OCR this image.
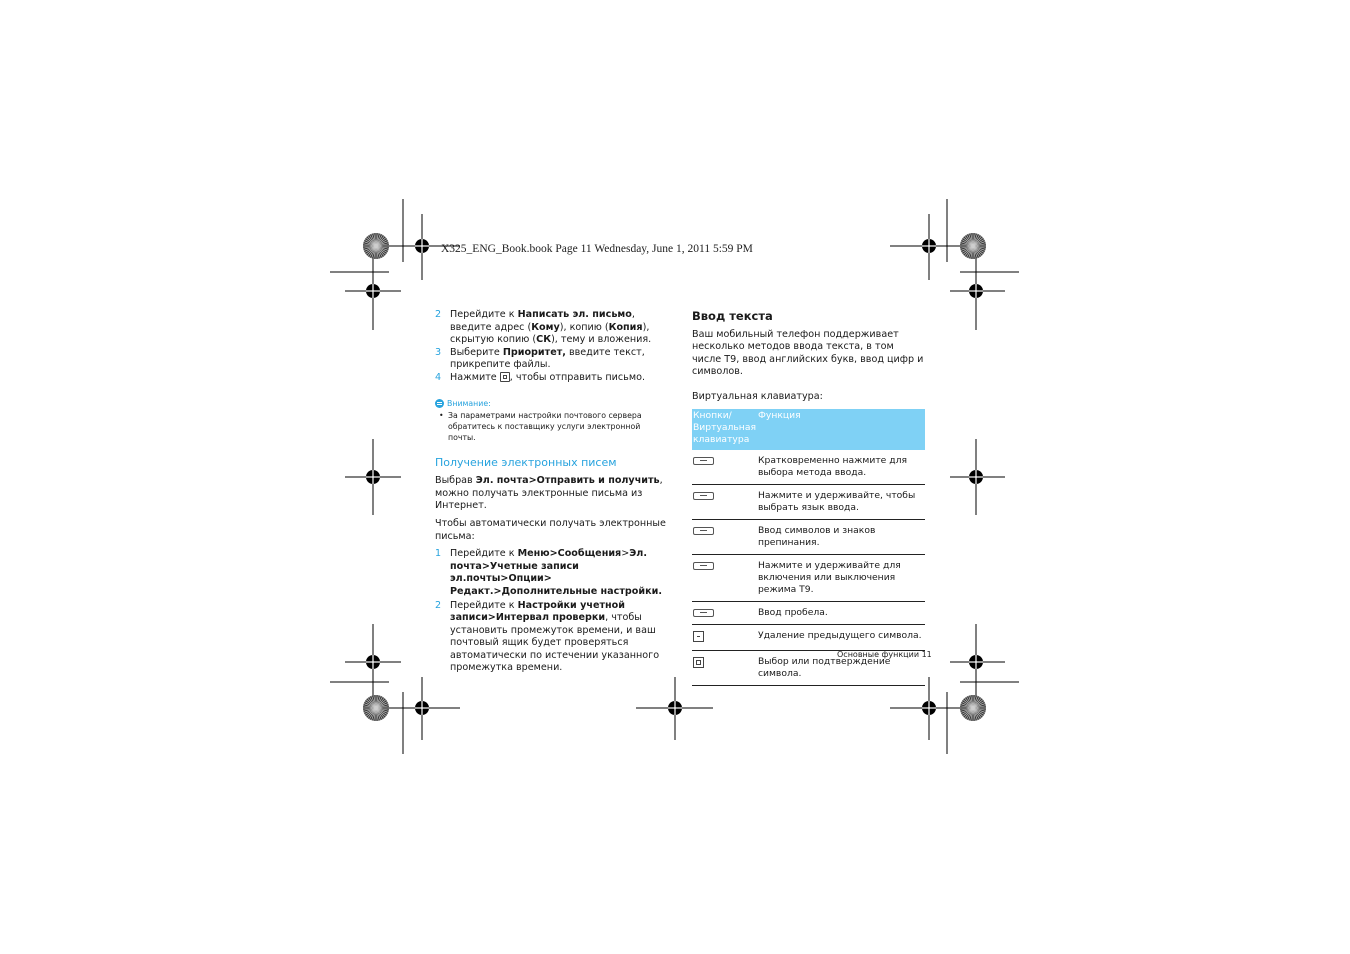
X325_ENG_Book.book Page 11 Wednesday, June 1, 2011 5:59 PM
2 Перейдите к Написать эл. письмо, введите адрес (Кому), копию (Копия), скрытую копию (СК), тему и вложения.
3 Выберите Приоритет, введите текст, прикрепите файлы.
4 Нажмите , чтобы отправить письмо.
Внимание:
• За параметрами настройки почтового сервера обратитесь к поставщику услуги электронной почты.
Получение электронных писем
Выбрав Эл. почта>Отправить и получить, можно получать электронные письма из Интернет.
Чтобы автоматически получать электронные письма:
1 Перейдите к Меню>Сообщения>Эл. почта>Учетные записи эл.почты>Опции> Редакт.>Дополнительные настройки.
2 Перейдите к Настройки учетной записи>Интервал проверки, чтобы установить промежуток времени, и ваш почтовый ящик будет проверяться автоматически по истечении указанного промежутка времени.
Ввод текста
Ваш мобильный телефон поддерживает несколько методов ввода текста, в том числе T9, ввод английских букв, ввод цифр и символов.
Виртуальная клавиатура:
Кнопки/ Виртуальная клавиатура	Функция
	Кратковременно нажмите для выбора метода ввода.
	Нажмите и удерживайте, чтобы выбрать язык ввода.
	Ввод символов и знаков препинания.
	Нажмите и удерживайте для включения или выключения режима T9.
	Ввод пробела.
	Удаление предыдущего символа.
	Выбор или подтверждение символа.
Основные функции 11
